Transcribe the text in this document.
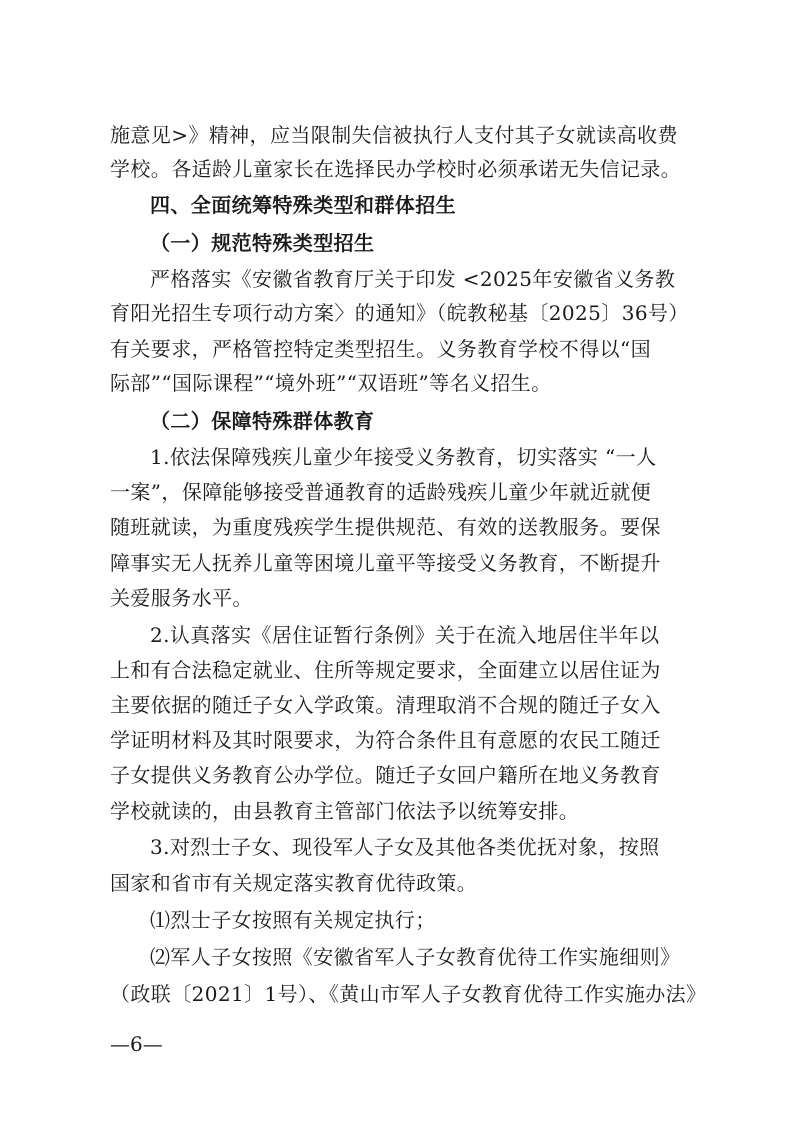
施意见>》精神，应当限制失信被执行人支付其子女就读高收费
学校。各适龄儿童家长在选择民办学校时必须承诺无失信记录。
四、全面统筹特殊类型和群体招生
（一）规范特殊类型招生
严格落实《安徽省教育厅关于印发 <2025年安徽省义务教
育阳光招生专项行动方案〉的通知》（皖教秘基〔2025〕36号）
有关要求，严格管控特定类型招生。义务教育学校不得以“国
际部”“国际课程”“境外班”“双语班”等名义招生。
（二）保障特殊群体教育
1.依法保障残疾儿童少年接受义务教育，切实落实 “一人
一案”，保障能够接受普通教育的适龄残疾儿童少年就近就便
随班就读，为重度残疾学生提供规范、有效的送教服务。要保
障事实无人抚养儿童等困境儿童平等接受义务教育，不断提升
关爱服务水平。
2.认真落实《居住证暂行条例》关于在流入地居住半年以
上和有合法稳定就业、住所等规定要求，全面建立以居住证为
主要依据的随迁子女入学政策。清理取消不合规的随迁子女入
学证明材料及其时限要求，为符合条件且有意愿的农民工随迁
子女提供义务教育公办学位。随迁子女回户籍所在地义务教育
学校就读的，由县教育主管部门依法予以统筹安排。
3.对烈士子女、现役军人子女及其他各类优抚对象，按照
国家和省市有关规定落实教育优待政策。
⑴烈士子女按照有关规定执行；
⑵军人子女按照《安徽省军人子女教育优待工作实施细则》
（政联〔2021〕1号）、《黄山市军人子女教育优待工作实施办法》
—6—
